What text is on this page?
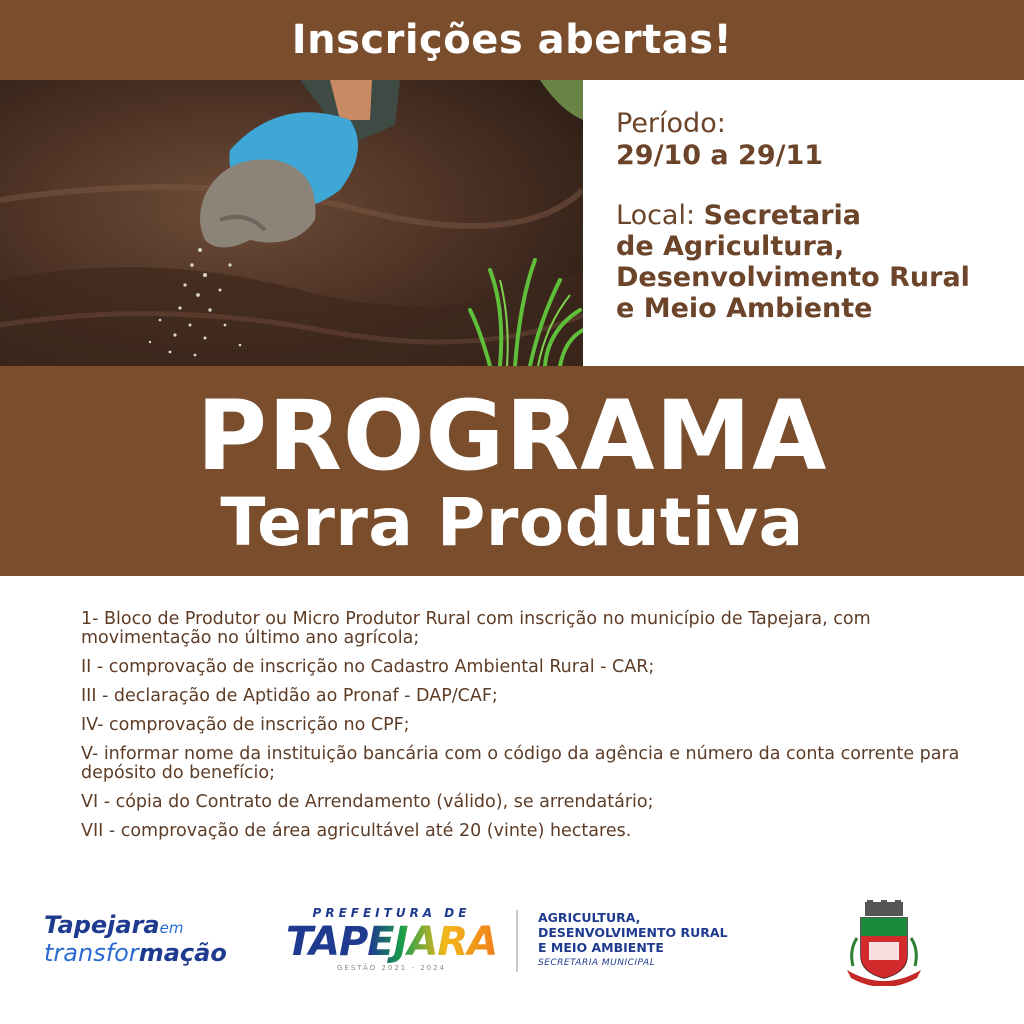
Inscrições abertas!
Período:
29/10 a 29/11
Local: Secretaria
de Agricultura,
Desenvolvimento Rural
e Meio Ambiente
PROGRAMA
Terra Produtiva
1- Bloco de Produtor ou Micro Produtor Rural com inscrição no município de Tapejara, com movimentação no último ano agrícola;
II - comprovação de inscrição no Cadastro Ambiental Rural - CAR;
III - declaração de Aptidão ao Pronaf - DAP/CAF;
IV- comprovação de inscrição no CPF;
V- informar nome da instituição bancária com o código da agência e número da conta corrente para depósito do benefício;
VI - cópia do Contrato de Arrendamento (válido), se arrendatário;
VII - comprovação de área agricultável até 20 (vinte) hectares.
Tapejaraem
transformação
PREFEITURA DE
TAPEJARA
GESTÃO 2021 - 2024
AGRICULTURA,
DESENVOLVIMENTO RURAL
E MEIO AMBIENTE
SECRETARIA MUNICIPAL
